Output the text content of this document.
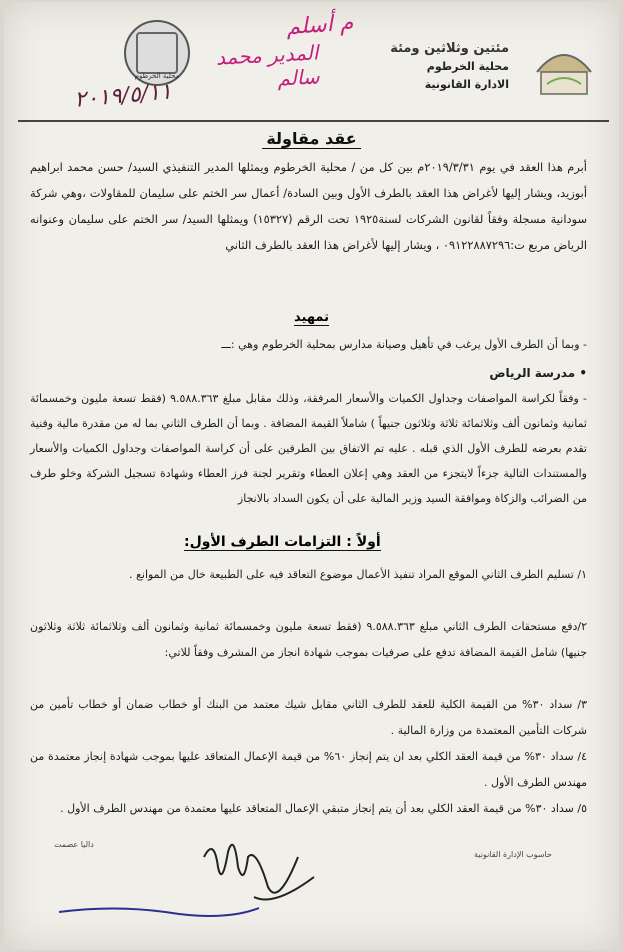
محلية الخرطوم
مئتين وثلاثين ومئة
محلية الخرطوم
الادارة القانونية
م أسلم
المدير محمد سالم
٢٠١٩/٥/١١
عقد مقاولة
أبرم هذا العقد في يوم ٢٠١٩/٣/٣١م بين كل من / محلية الخرطوم ويمثلها المدير التنفيذي السيد/ حسن محمد ابراهيم أبوزيد، ويشار إليها لأغراض هذا العقد بالطرف الأول وبين السادة/ أعمال سر الختم على سليمان للمقاولات ،وهي شركة سودانية مسجلة وفقاً لقانون الشركات لسنة١٩٢٥ تحت الرقم (١٥٣٢٧) ويمثلها السيد/ سر الختم على سليمان وعنوانه الرياض مربع ت:٠٩١٢٢٨٨٧٢٩٦ ، ويشار إليها لأغراض هذا العقد بالطرف الثاني
تمهيد
- وبما أن الطرف الأول يرغب في تأهيل وصيانة مدارس بمحلية الخرطوم وهي :ـــ
• مدرسة الرياض
- وفقاً لكراسة المواصفات وجداول الكميات والأسعار المرفقة، وذلك مقابل مبلغ ٩.٥٨٨.٣٦٣ (فقط تسعة مليون وخمسمائة ثمانية وثمانون ألف وثلاثمائة ثلاثة وثلاثون جنيهاً ) شاملاً القيمة المضافة . وبما أن الطرف الثاني بما له من مقدرة مالية وفنية تقدم بعرضه للطرف الأول الذي قبله . عليه تم الاتفاق بين الطرفين على أن كراسة المواصفات وجداول الكميات والأسعار والمستندات التالية جزءاً لايتجزء من العقد وهي إعلان العطاء وتقرير لجنة فرز العطاء وشهادة تسجيل الشركة وخلو طرف من الضرائب والزكاة وموافقة السيد وزير المالية على أن يكون السداد بالانجاز
أولاً : التزامات الطرف الأول:
١/ تسليم الطرف الثاني الموقع المراد تنفيذ الأعمال موضوع التعاقد فيه على الطبيعة خال من الموانع .
٢/دفع مستحقات الطرف الثاني مبلغ ٩.٥٨٨.٣٦٣ (فقط تسعة مليون وخمسمائة ثمانية وثمانون ألف وثلاثمائة ثلاثة وثلاثون جنيها) شامل القيمة المضافة تدفع على صرفيات بموجب شهادة انجاز من المشرف وفقاً للاتي:
٣/ سداد ٣٠% من القيمة الكلية للعقد للطرف الثاني مقابل شيك معتمد من البنك أو خطاب ضمان أو خطاب تأمين من شركات التأمين المعتمدة من وزارة المالية .
٤/ سداد ٣٠% من قيمة العقد الكلي بعد ان يتم إنجاز ٦٠% من قيمة الإعمال المتعاقد عليها بموجب شهادة إنجاز معتمدة من مهندس الطرف الأول .
٥/ سداد ٣٠% من قيمة العقد الكلي بعد أن يتم إنجاز متبقي الإعمال المتعاقد عليها معتمدة من مهندس الطرف الأول .
داليا عصمت
حاسوب الإدارة القانونية
